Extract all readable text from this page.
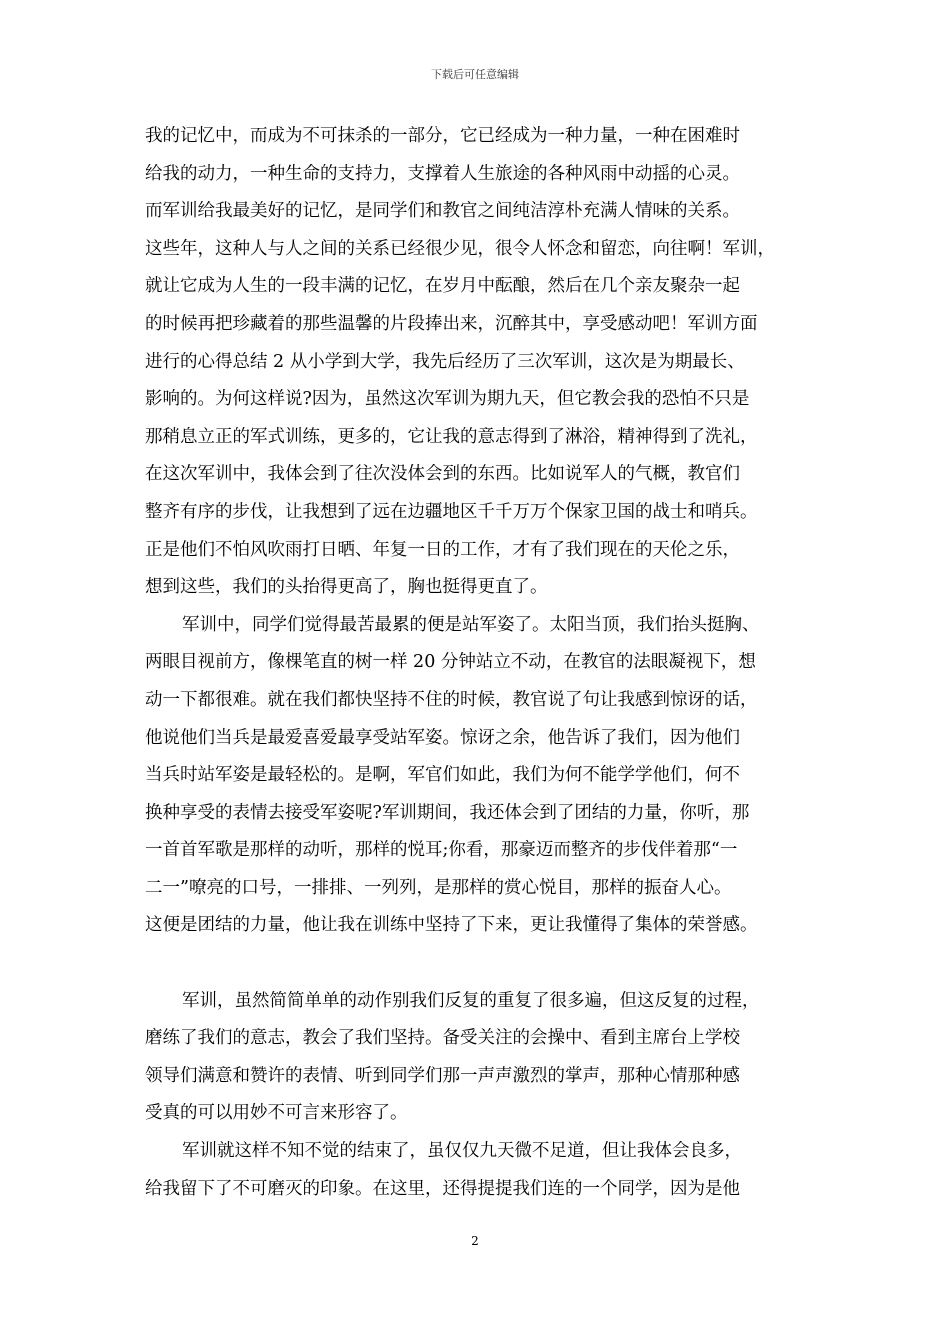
下载后可任意编辑
我的记忆中，而成为不可抹杀的一部分，它已经成为一种力量，一种在困难时
给我的动力，一种生命的支持力，支撑着人生旅途的各种风雨中动摇的心灵。
而军训给我最美好的记忆，是同学们和教官之间纯洁淳朴充满人情味的关系。
这些年，这种人与人之间的关系已经很少见，很令人怀念和留恋，向往啊！军训，
就让它成为人生的一段丰满的记忆，在岁月中酝酿，然后在几个亲友聚杂一起
的时候再把珍藏着的那些温馨的片段捧出来，沉醉其中，享受感动吧！军训方面
进行的心得总结 2 从小学到大学，我先后经历了三次军训，这次是为期最长、
影响的。为何这样说?因为，虽然这次军训为期九天，但它教会我的恐怕不只是
那稍息立正的军式训练，更多的，它让我的意志得到了淋浴，精神得到了洗礼，
在这次军训中，我体会到了往次没体会到的东西。比如说军人的气概，教官们
整齐有序的步伐，让我想到了远在边疆地区千千万万个保家卫国的战士和哨兵。
正是他们不怕风吹雨打日晒、年复一日的工作，才有了我们现在的天伦之乐，
想到这些，我们的头抬得更高了，胸也挺得更直了。
军训中，同学们觉得最苦最累的便是站军姿了。太阳当顶，我们抬头挺胸、
两眼目视前方，像棵笔直的树一样 20 分钟站立不动，在教官的法眼凝视下，想
动一下都很难。就在我们都快坚持不住的时候，教官说了句让我感到惊讶的话，
他说他们当兵是最爱喜爱最享受站军姿。惊讶之余，他告诉了我们，因为他们
当兵时站军姿是最轻松的。是啊，军官们如此，我们为何不能学学他们，何不
换种享受的表情去接受军姿呢?军训期间，我还体会到了团结的力量，你听，那
一首首军歌是那样的动听，那样的悦耳;你看，那豪迈而整齐的步伐伴着那“一
二一”嘹亮的口号，一排排、一列列，是那样的赏心悦目，那样的振奋人心。
这便是团结的力量，他让我在训练中坚持了下来，更让我懂得了集体的荣誉感。
军训，虽然简简单单的动作别我们反复的重复了很多遍，但这反复的过程，
磨练了我们的意志，教会了我们坚持。备受关注的会操中、看到主席台上学校
领导们满意和赞许的表情、听到同学们那一声声激烈的掌声，那种心情那种感
受真的可以用妙不可言来形容了。
军训就这样不知不觉的结束了，虽仅仅九天微不足道，但让我体会良多，
给我留下了不可磨灭的印象。在这里，还得提提我们连的一个同学，因为是他
2
